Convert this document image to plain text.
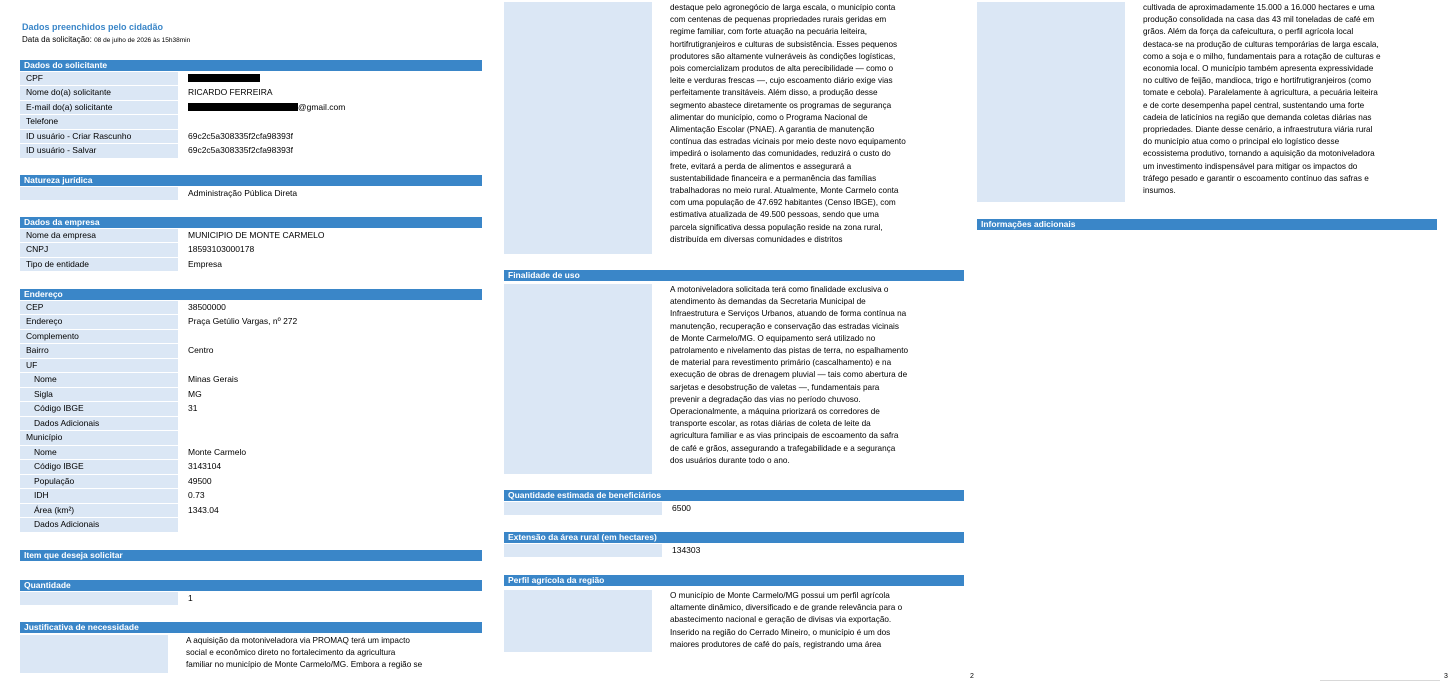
Dados preenchidos pelo cidadão
Data da solicitação: 08 de julho de 2026 às 15h38min
Dados do solicitante
CPF
Nome do(a) solicitante	RICARDO FERREIRA
E-mail do(a) solicitante	@gmail.com
Telefone
ID usuário - Criar Rascunho	69c2c5a308335f2cfa98393f
ID usuário - Salvar	69c2c5a308335f2cfa98393f
Natureza jurídica
Administração Pública Direta
Dados da empresa
Nome da empresa	MUNICIPIO DE MONTE CARMELO
CNPJ	18593103000178
Tipo de entidade	Empresa
Endereço
CEP	38500000
Endereço	Praça Getúlio Vargas, nº 272
Complemento
Bairro	Centro
UF
Nome	Minas Gerais
Sigla	MG
Código IBGE	31
Dados Adicionais
Município
Nome	Monte Carmelo
Código IBGE	3143104
População	49500
IDH	0.73
Área (km²)	1343.04
Dados Adicionais
Item que deseja solicitar
Quantidade
1
Justificativa de necessidade
A aquisição da motoniveladora via PROMAQ terá um impacto
social e econômico direto no fortalecimento da agricultura
familiar no município de Monte Carmelo/MG. Embora a região se
destaque pelo agronegócio de larga escala, o município conta
com centenas de pequenas propriedades rurais geridas em
regime familiar, com forte atuação na pecuária leiteira,
hortifrutigranjeiros e culturas de subsistência. Esses pequenos
produtores são altamente vulneráveis às condições logísticas,
pois comercializam produtos de alta perecibilidade — como o
leite e verduras frescas —, cujo escoamento diário exige vias
perfeitamente transitáveis. Além disso, a produção desse
segmento abastece diretamente os programas de segurança
alimentar do município, como o Programa Nacional de
Alimentação Escolar (PNAE). A garantia de manutenção
contínua das estradas vicinais por meio deste novo equipamento
impedirá o isolamento das comunidades, reduzirá o custo do
frete, evitará a perda de alimentos e assegurará a
sustentabilidade financeira e a permanência das famílias
trabalhadoras no meio rural. Atualmente, Monte Carmelo conta
com uma população de 47.692 habitantes (Censo IBGE), com
estimativa atualizada de 49.500 pessoas, sendo que uma
parcela significativa dessa população reside na zona rural,
distribuída em diversas comunidades e distritos
Finalidade de uso
A motoniveladora solicitada terá como finalidade exclusiva o
atendimento às demandas da Secretaria Municipal de
Infraestrutura e Serviços Urbanos, atuando de forma contínua na
manutenção, recuperação e conservação das estradas vicinais
de Monte Carmelo/MG. O equipamento será utilizado no
patrolamento e nivelamento das pistas de terra, no espalhamento
de material para revestimento primário (cascalhamento) e na
execução de obras de drenagem pluvial — tais como abertura de
sarjetas e desobstrução de valetas —, fundamentais para
prevenir a degradação das vias no período chuvoso.
Operacionalmente, a máquina priorizará os corredores de
transporte escolar, as rotas diárias de coleta de leite da
agricultura familiar e as vias principais de escoamento da safra
de café e grãos, assegurando a trafegabilidade e a segurança
dos usuários durante todo o ano.
Quantidade estimada de beneficiários
6500
Extensão da área rural (em hectares)
134303
Perfil agrícola da região
O município de Monte Carmelo/MG possui um perfil agrícola
altamente dinâmico, diversificado e de grande relevância para o
abastecimento nacional e geração de divisas via exportação.
Inserido na região do Cerrado Mineiro, o município é um dos
maiores produtores de café do país, registrando uma área
2
cultivada de aproximadamente 15.000 a 16.000 hectares e uma
produção consolidada na casa das 43 mil toneladas de café em
grãos. Além da força da cafeicultura, o perfil agrícola local
destaca-se na produção de culturas temporárias de larga escala,
como a soja e o milho, fundamentais para a rotação de culturas e
economia local. O município também apresenta expressividade
no cultivo de feijão, mandioca, trigo e hortifrutigranjeiros (como
tomate e cebola). Paralelamente à agricultura, a pecuária leiteira
e de corte desempenha papel central, sustentando uma forte
cadeia de laticínios na região que demanda coletas diárias nas
propriedades. Diante desse cenário, a infraestrutura viária rural
do município atua como o principal elo logístico desse
ecossistema produtivo, tornando a aquisição da motoniveladora
um investimento indispensável para mitigar os impactos do
tráfego pesado e garantir o escoamento contínuo das safras e
insumos.
Informações adicionais
3
